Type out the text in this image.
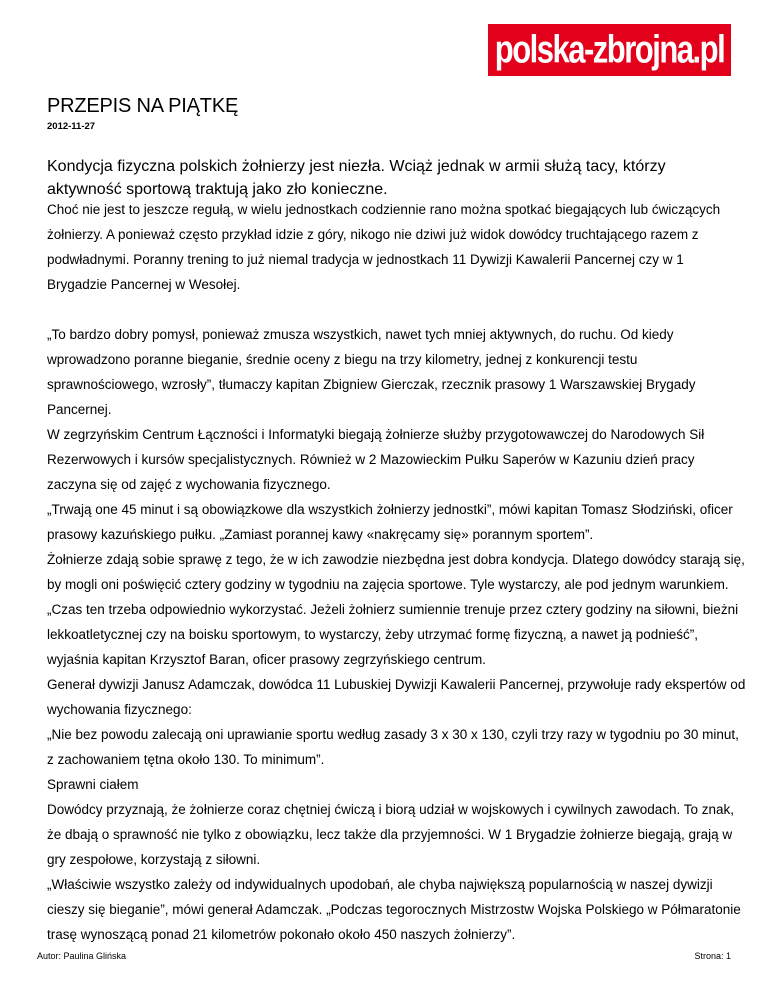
polska-zbrojna.pl
PRZEPIS NA PIĄTKĘ
2012-11-27

Kondycja fizyczna polskich żołnierzy jest niezła. Wciąż jednak w armii służą tacy, którzy aktywność sportową traktują jako zło konieczne.

Choć nie jest to jeszcze regułą, w wielu jednostkach codziennie rano można spotkać biegających lub ćwiczących żołnierzy. A ponieważ często przykład idzie z góry, nikogo nie dziwi już widok dowódcy truchtającego razem z podwładnymi. Poranny trening to już niemal tradycja w jednostkach 11 Dywizji Kawalerii Pancernej czy w 1 Brygadzie Pancernej w Wesołej.

„To bardzo dobry pomysł, ponieważ zmusza wszystkich, nawet tych mniej aktywnych, do ruchu. Od kiedy wprowadzono poranne bieganie, średnie oceny z biegu na trzy kilometry, jednej z konkurencji testu sprawnościowego, wzrosły”, tłumaczy kapitan Zbigniew Gierczak, rzecznik prasowy 1 Warszawskiej Brygady Pancernej.

W zegrzyńskim Centrum Łączności i Informatyki biegają żołnierze służby przygotowawczej do Narodowych Sił Rezerwowych i kursów specjalistycznych. Również w 2 Mazowieckim Pułku Saperów w Kazuniu dzień pracy zaczyna się od zajęć z wychowania fizycznego.

„Trwają one 45 minut i są obowiązkowe dla wszystkich żołnierzy jednostki”, mówi kapitan Tomasz Słodziński, oficer prasowy kazuńskiego pułku. „Zamiast porannej kawy «nakręcamy się» porannym sportem”.

Żołnierze zdają sobie sprawę z tego, że w ich zawodzie niezbędna jest dobra kondycja. Dlatego dowódcy starają się, by mogli oni poświęcić cztery godziny w tygodniu na zajęcia sportowe. Tyle wystarczy, ale pod jednym warunkiem.

„Czas ten trzeba odpowiednio wykorzystać. Jeżeli żołnierz sumiennie trenuje przez cztery godziny na siłowni, bieżni lekkoatletycznej czy na boisku sportowym, to wystarczy, żeby utrzymać formę fizyczną, a nawet ją podnieść”, wyjaśnia kapitan Krzysztof Baran, oficer prasowy zegrzyńskiego centrum.

Generał dywizji Janusz Adamczak, dowódca 11 Lubuskiej Dywizji Kawalerii Pancernej, przywołuje rady ekspertów od wychowania fizycznego:

„Nie bez powodu zalecają oni uprawianie sportu według zasady 3 x 30 x 130, czyli trzy razy w tygodniu po 30 minut, z zachowaniem tętna około 130. To minimum”.

Sprawni ciałem

Dowódcy przyznają, że żołnierze coraz chętniej ćwiczą i biorą udział w wojskowych i cywilnych zawodach. To znak, że dbają o sprawność nie tylko z obowiązku, lecz także dla przyjemności. W 1 Brygadzie żołnierze biegają, grają w gry zespołowe, korzystają z siłowni.

„Właściwie wszystko zależy od indywidualnych upodobań, ale chyba największą popularnością w naszej dywizji cieszy się bieganie”, mówi generał Adamczak. „Podczas tegorocznych Mistrzostw Wojska Polskiego w Półmaratonie trasę wynoszącą ponad 21 kilometrów pokonało około 450 naszych żołnierzy”.

Autor: Paulina Glińska	Strona: 1
